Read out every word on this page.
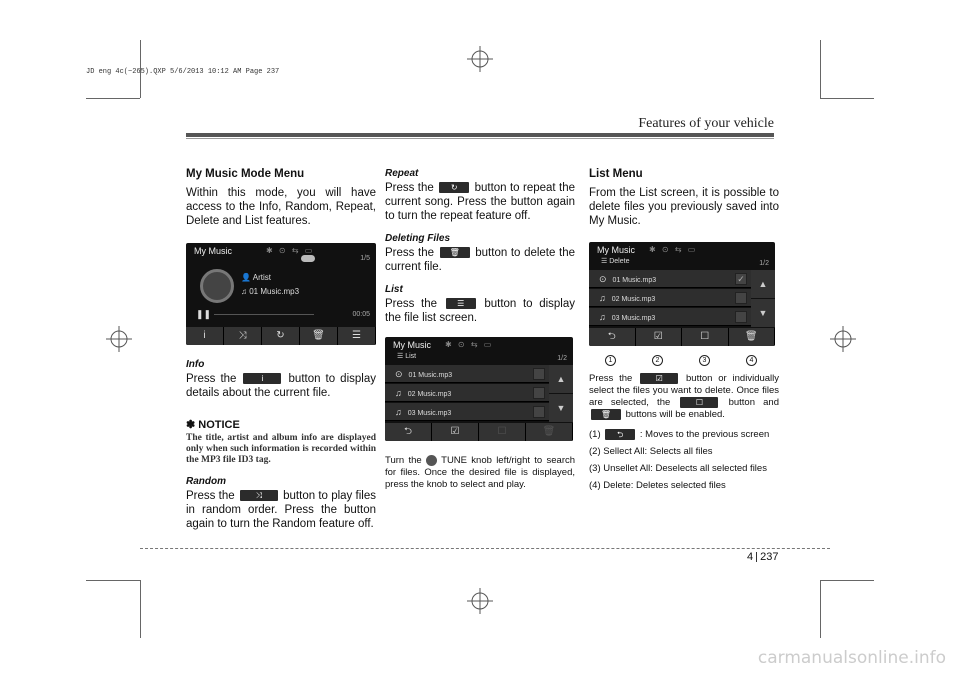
JD eng 4c(~265).QXP 5/6/2013 10:12 AM Page 237
Features of your vehicle
My Music Mode Menu
Within this mode, you will have access to the Info, Random, Repeat, Delete and List features.
My Music	✱ ⊙ ⇆ ▭
1/5
👤 Artist
♫ 01 Music.mp3
❚❚	00:05
i	⤨	↻	🗑	☰
Info
Press the	i button to display details about the current file.
✽ NOTICE
The title, artist and album info are displayed only when such information is recorded within the MP3 file ID3 tag.
Random
Press the	⤨ button to play files in random order. Press the button again to turn the Random feature off.
Repeat
Press the ↻ button to repeat the current song. Press the button again to turn the repeat feature off.
Deleting Files
Press the 🗑 button to delete the current file.
List
Press the	☰ button to display the file list screen.
My Music ✱ ⊙ ⇆ ▭
☰ List	1/2
⊙ 01 Music.mp3
♫ 02 Music.mp3
♫ 03 Music.mp3
▲
▼
⮌	☑	☐	🗑
Turn the TUNE knob left/right to search for files. Once the desired file is displayed, press the knob to select and play.
List Menu
From the List screen, it is possible to delete files you previously saved into My Music.
My Music ✱ ⊙ ⇆ ▭
☰ Delete	1/2
⊙ 01 Music.mp3	✓
♫ 02 Music.mp3
♫ 03 Music.mp3
▲
▼
⮌	☑	☐	🗑
1	2	3	4
Press the	☑ button or individually select the files you want to delete. Once files are selected, the	☐	button and 🗑 buttons will be enabled.
(1) ⮌ : Moves to the previous screen
(2) Sellect All: Selects all files
(3) Unsellet All: Deselects all selected files
(4) Delete: Deletes selected files
4 237
carmanualsonline.info
